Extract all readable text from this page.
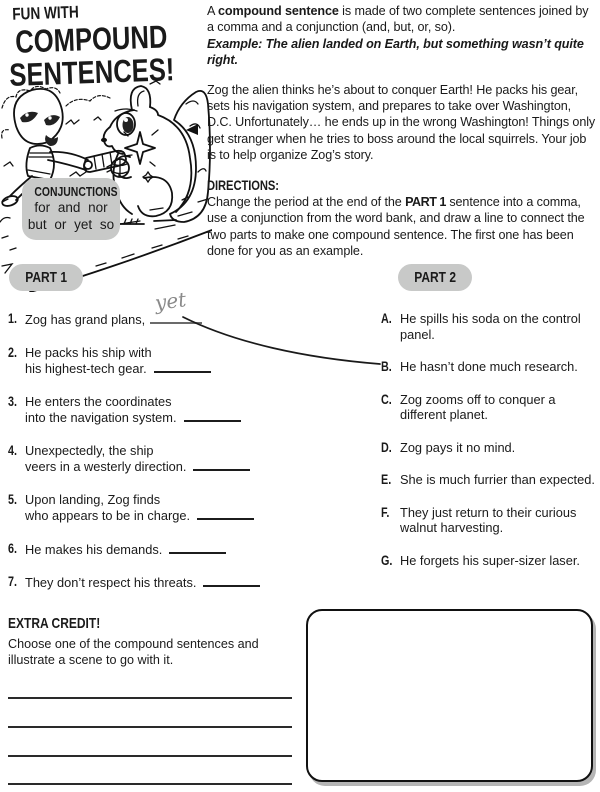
FUN WITH
COMPOUND
SENTENCES!
CONJUNCTIONS
for and nor
but or yet so
PART 1	PART 2
A compound sentence is made of two complete sentences joined by a comma and a conjunction (and, but, or, so).
Example: The alien landed on Earth, but something wasn’t quite right.
Zog the alien thinks he’s about to conquer Earth! He packs his gear, sets his navigation system, and prepares to take over Washington, D.C. Unfortunately… he ends up in the wrong Washington! Things only get stranger when he tries to boss around the local squirrels. Your job is to help organize Zog’s story.
DIRECTIONS:
Change the period at the end of the PART 1 sentence into a comma, use a conjunction from the word bank, and draw a line to connect the two parts to make one compound sentence. The first one has been done for you as an example.
1. Zog has grand plans,
yet
2. He packs his ship with
his highest-tech gear.
3. He enters the coordinates
into the navigation system.
4. Unexpectedly, the ship
veers in a westerly direction.
5. Upon landing, Zog finds
who appears to be in charge.
6. He makes his demands.
7. They don’t respect his threats.
A. He spills his soda on the control
panel.
B. He hasn’t done much research.
C. Zog zooms off to conquer a
different planet.
D. Zog pays it no mind.
E. She is much furrier than expected.
F. They just return to their curious
walnut harvesting.
G. He forgets his super-sizer laser.
EXTRA CREDIT!
Choose one of the compound sentences and illustrate a scene to go with it.
